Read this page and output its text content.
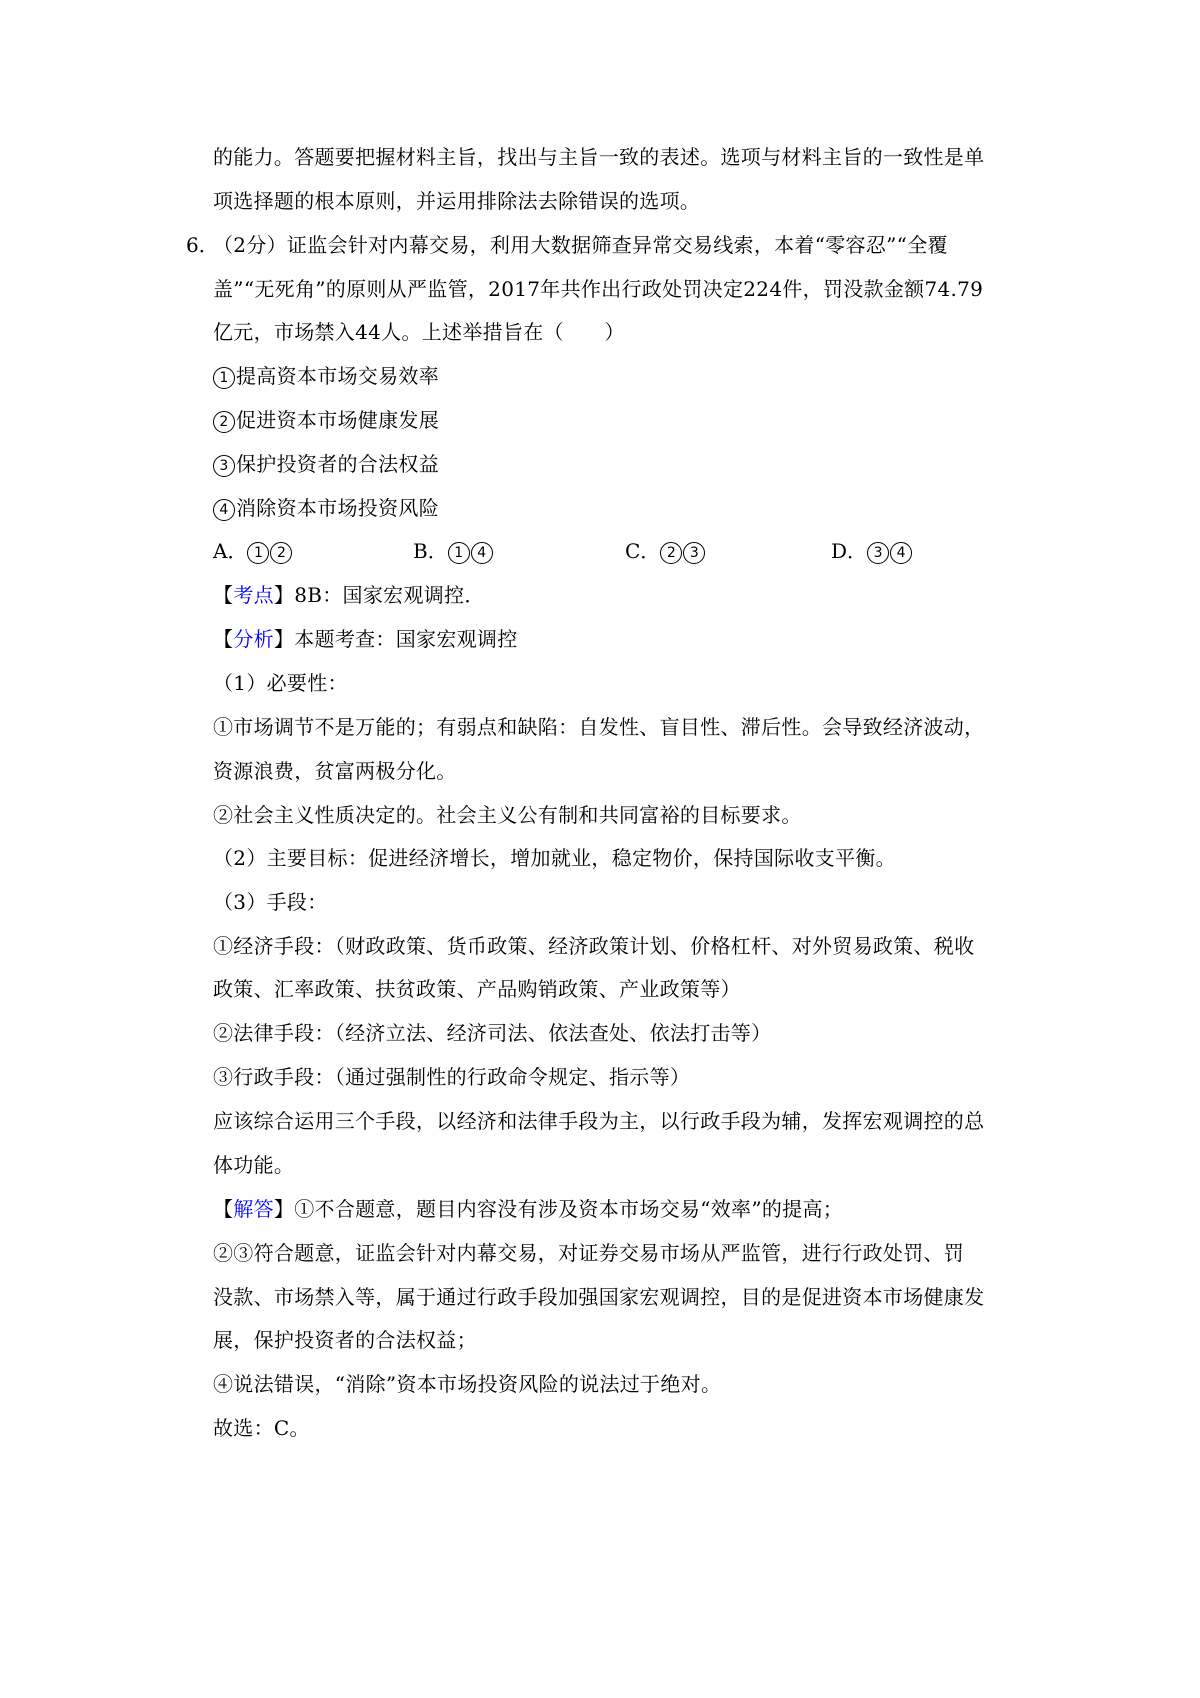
的能力。答题要把握材料主旨，找出与主旨一致的表述。选项与材料主旨的一致性是单
项选择题的根本原则，并运用排除法去除错误的选项。
6．
（2分）证监会针对内幕交易，利用大数据筛查异常交易线索，本着“零容忍”“全覆
盖”“无死角”的原则从严监管，2017年共作出行政处罚决定224件，罚没款金额74.79
亿元，市场禁入44人。上述举措旨在（　　）
1 提高资本市场交易效率
2 促进资本市场健康发展
3 保护投资者的合法权益
4 消除资本市场投资风险
A． 1 2	B． 1 4	C． 2 3	D． 3 4
【考点】8B：国家宏观调控．
【分析】本题考查：国家宏观调控
（1）必要性：
①市场调节不是万能的；有弱点和缺陷：自发性、盲目性、滞后性。会导致经济波动，
资源浪费，贫富两极分化。
②社会主义性质决定的。社会主义公有制和共同富裕的目标要求。
（2）主要目标：促进经济增长，增加就业，稳定物价，保持国际收支平衡。
（3）手段：
①经济手段：（财政政策、货币政策、经济政策计划、价格杠杆、对外贸易政策、税收
政策、汇率政策、扶贫政策、产品购销政策、产业政策等）
②法律手段：（经济立法、经济司法、依法查处、依法打击等）
③行政手段：（通过强制性的行政命令规定、指示等）
应该综合运用三个手段，以经济和法律手段为主，以行政手段为辅，发挥宏观调控的总
体功能。
【解答】①不合题意，题目内容没有涉及资本市场交易“效率”的提高；
②③符合题意，证监会针对内幕交易，对证券交易市场从严监管，进行行政处罚、罚
没款、市场禁入等，属于通过行政手段加强国家宏观调控，目的是促进资本市场健康发
展，保护投资者的合法权益；
④说法错误，“消除”资本市场投资风险的说法过于绝对。
故选：C。
